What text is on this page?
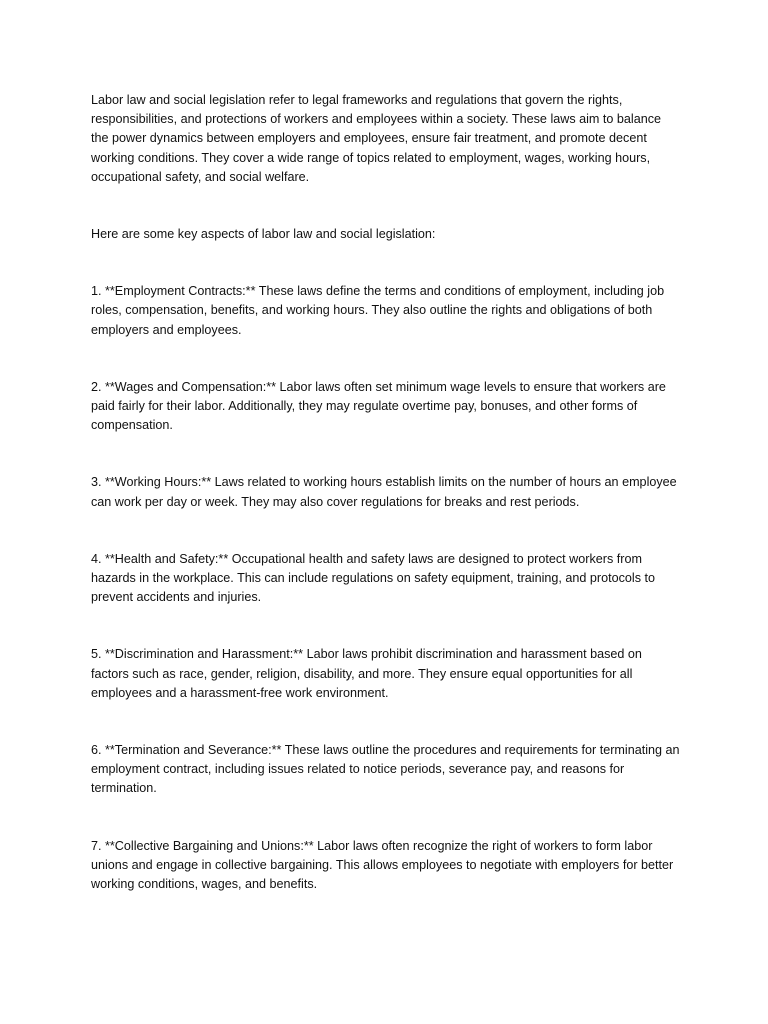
Labor law and social legislation refer to legal frameworks and regulations that govern the rights, responsibilities, and protections of workers and employees within a society. These laws aim to balance the power dynamics between employers and employees, ensure fair treatment, and promote decent working conditions. They cover a wide range of topics related to employment, wages, working hours, occupational safety, and social welfare.

Here are some key aspects of labor law and social legislation:

1. **Employment Contracts:** These laws define the terms and conditions of employment, including job roles, compensation, benefits, and working hours. They also outline the rights and obligations of both employers and employees.

2. **Wages and Compensation:** Labor laws often set minimum wage levels to ensure that workers are paid fairly for their labor. Additionally, they may regulate overtime pay, bonuses, and other forms of compensation.

3. **Working Hours:** Laws related to working hours establish limits on the number of hours an employee can work per day or week. They may also cover regulations for breaks and rest periods.

4. **Health and Safety:** Occupational health and safety laws are designed to protect workers from hazards in the workplace. This can include regulations on safety equipment, training, and protocols to prevent accidents and injuries.

5. **Discrimination and Harassment:** Labor laws prohibit discrimination and harassment based on factors such as race, gender, religion, disability, and more. They ensure equal opportunities for all employees and a harassment-free work environment.

6. **Termination and Severance:** These laws outline the procedures and requirements for terminating an employment contract, including issues related to notice periods, severance pay, and reasons for termination.

7. **Collective Bargaining and Unions:** Labor laws often recognize the right of workers to form labor unions and engage in collective bargaining. This allows employees to negotiate with employers for better working conditions, wages, and benefits.
